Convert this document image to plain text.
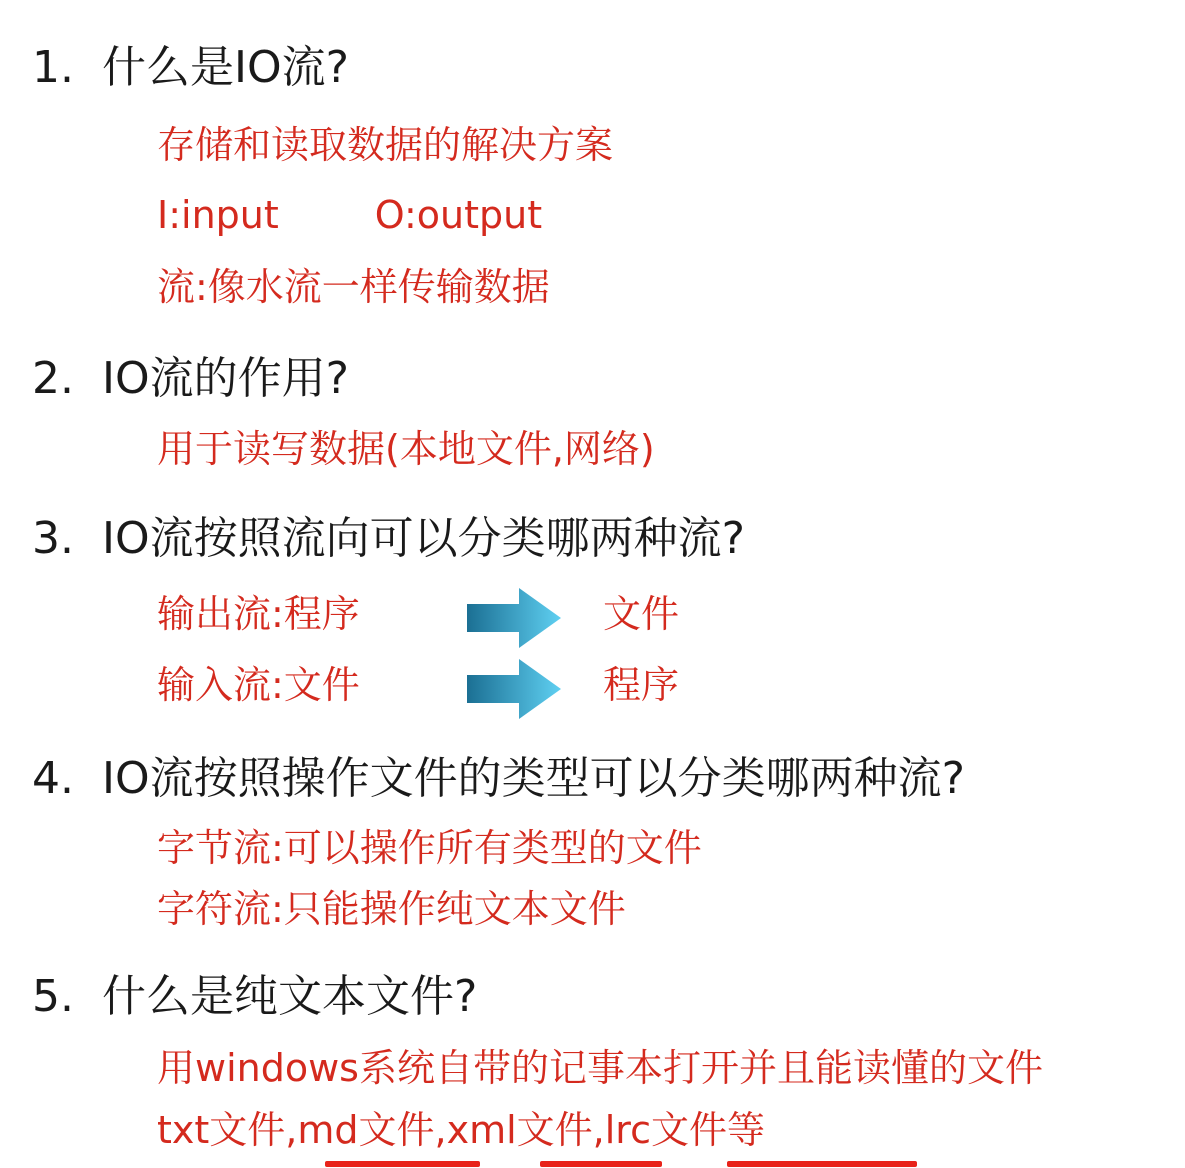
1. 什么是IO流?
存储和读取数据的解决方案
I:input	O:output
流:像水流一样传输数据
2. IO流的作用?
用于读写数据(本地文件,网络)
3. IO流按照流向可以分类哪两种流?
输出流:程序	文件
输入流:文件	程序
4. IO流按照操作文件的类型可以分类哪两种流?
字节流:可以操作所有类型的文件
字符流:只能操作纯文本文件
5. 什么是纯文本文件?
用windows系统自带的记事本打开并且能读懂的文件
txt文件,md文件,xml文件,lrc文件等
